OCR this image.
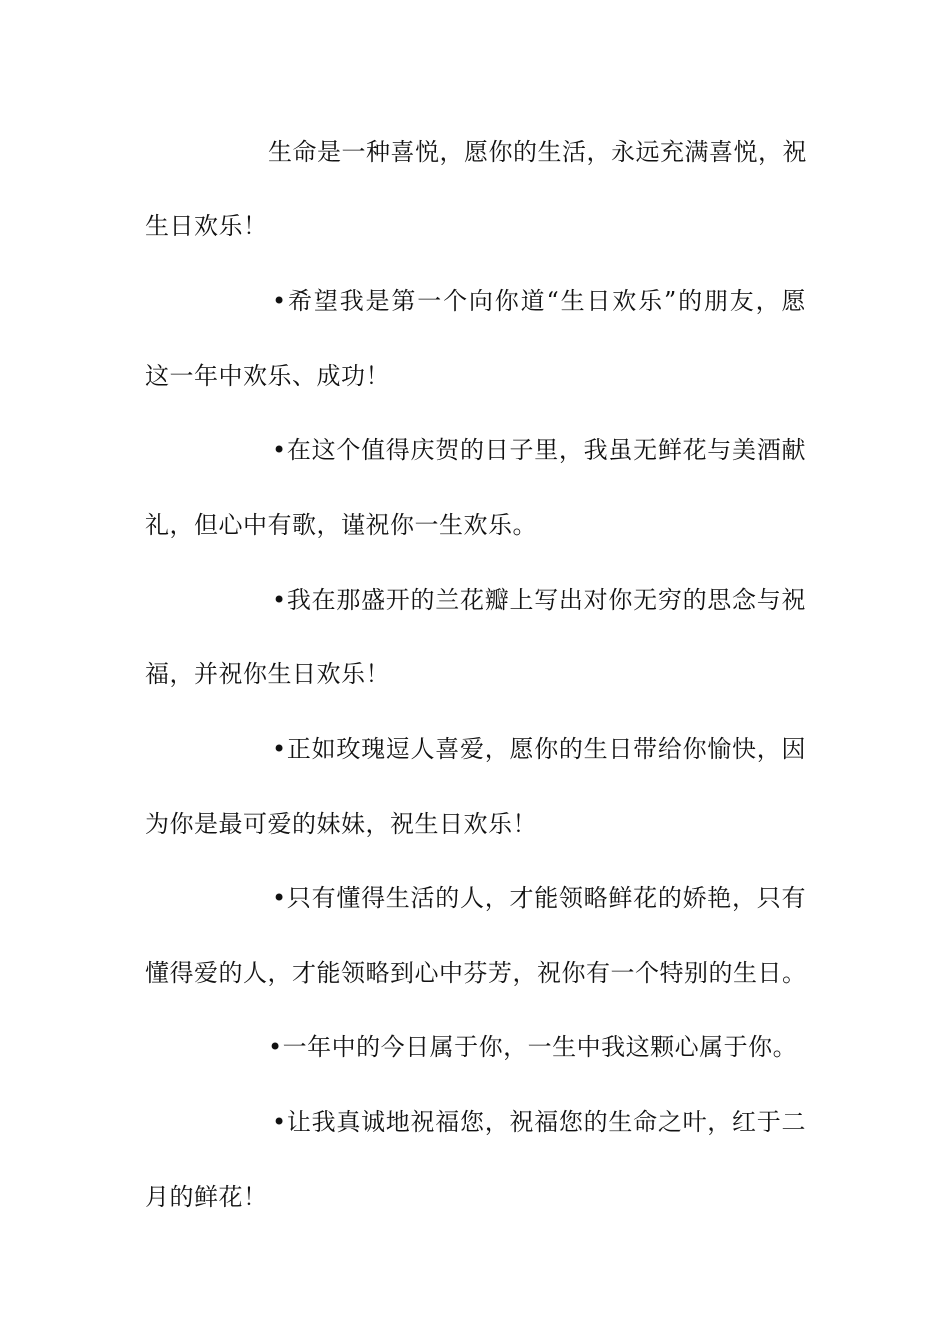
生命是一种喜悦，愿你的生活，永远充满喜悦，祝
生日欢乐！
•希望我是第一个向你道“生日欢乐”的朋友，愿
这一年中欢乐、成功！
•在这个值得庆贺的日子里，我虽无鲜花与美酒献
礼，但心中有歌，谨祝你一生欢乐。
•我在那盛开的兰花瓣上写出对你无穷的思念与祝
福，并祝你生日欢乐！
•正如玫瑰逗人喜爱，愿你的生日带给你愉快，因
为你是最可爱的妹妹，祝生日欢乐！
•只有懂得生活的人，才能领略鲜花的娇艳，只有
懂得爱的人，才能领略到心中芬芳，祝你有一个特别的生日。
•一年中的今日属于你，一生中我这颗心属于你。
•让我真诚地祝福您，祝福您的生命之叶，红于二
月的鲜花！
